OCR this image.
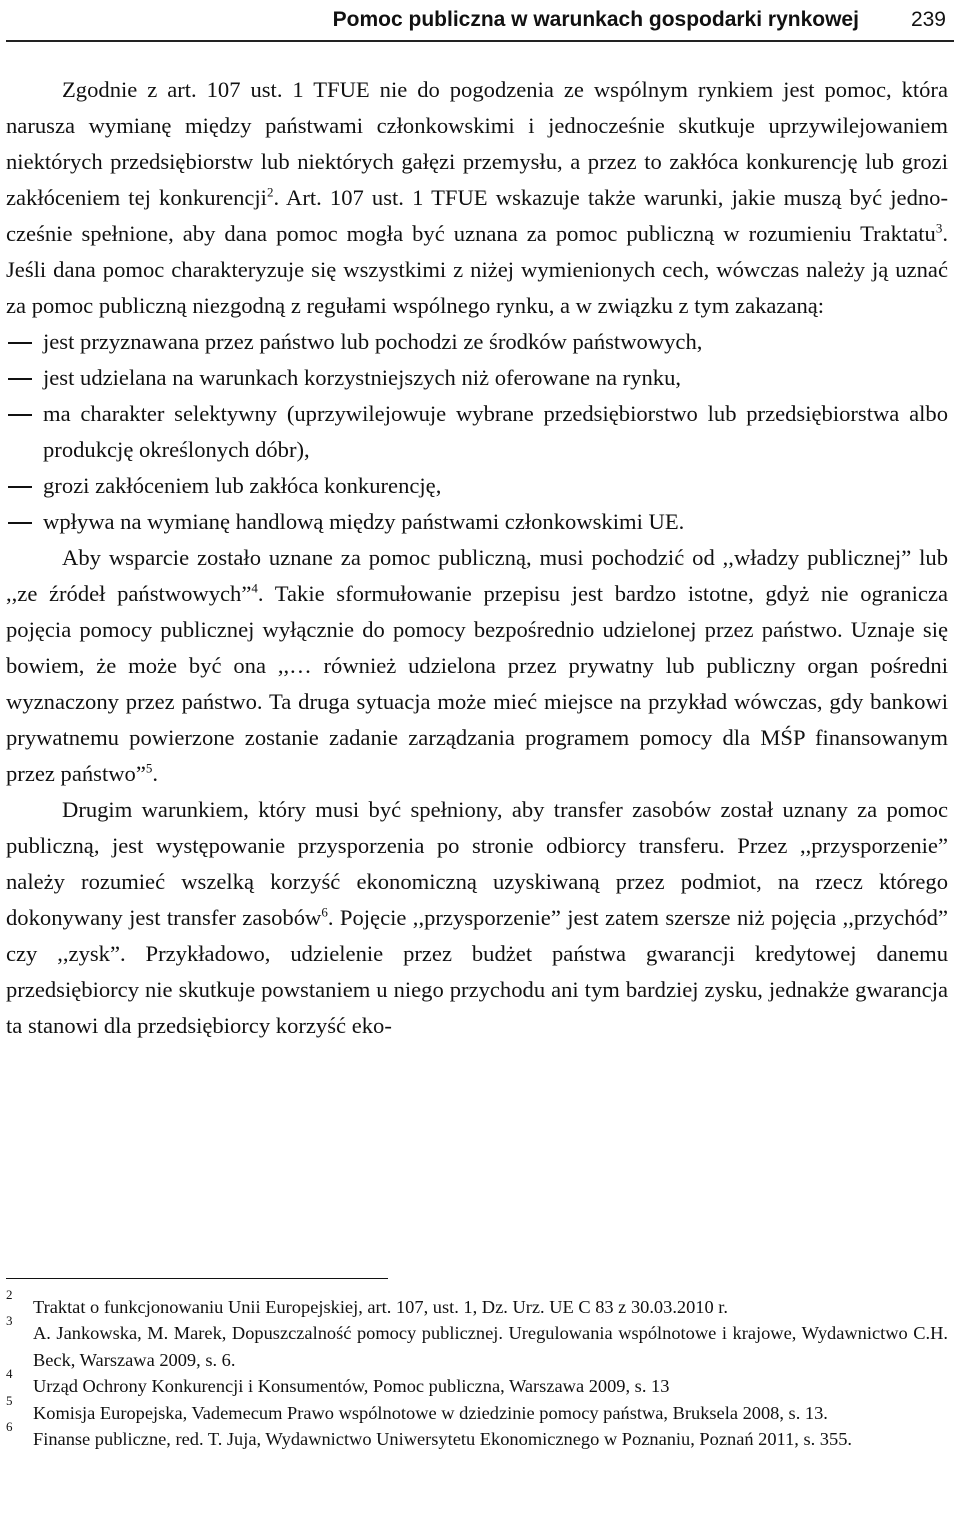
Pomoc publiczna w warunkach gospodarki rynkowej 239

Zgodnie z art. 107 ust. 1 TFUE nie do pogodzenia ze wspólnym rynkiem jest pomoc, która narusza wymianę między państwami członkowskimi i jednocześnie skutkuje uprzywilejowaniem niektórych przedsiębiorstw lub niektórych gałęzi przemysłu, a przez to zakłóca konkurencję lub grozi zakłóceniem tej konkurencji$^2$. Art. 107 ust. 1 TFUE wskazuje także warunki, jakie muszą być jednocześnie spełnione, aby dana pomoc mogła być uznana za pomoc publiczną w rozumieniu Traktatu$^3$. Jeśli dana pomoc charakteryzuje się wszystkimi z niżej wymienionych cech, wówczas należy ją uznać za pomoc publiczną niezgodną z regułami wspólnego rynku, a w związku z tym zakazaną:

jest przyznawana przez państwo lub pochodzi ze środków państwowych,
jest udzielana na warunkach korzystniejszych niż oferowane na rynku,
ma charakter selektywny (uprzywilejowuje wybrane przedsiębiorstwo lub przedsiębiorstwa albo produkcję określonych dóbr),
grozi zakłóceniem lub zakłóca konkurencję,
wpływa na wymianę handlową między państwami członkowskimi UE.

Aby wsparcie zostało uznane za pomoc publiczną, musi pochodzić od ,,władzy publicznej” lub ,,ze źródeł państwowych”$^4$. Takie sformułowanie przepisu jest bardzo istotne, gdyż nie ogranicza pojęcia pomocy publicznej wyłącznie do pomocy bezpośrednio udzielonej przez państwo. Uznaje się bowiem, że może być ona ,,… również udzielona przez prywatny lub publiczny organ pośredni wyznaczony przez państwo. Ta druga sytuacja może mieć miejsce na przykład wówczas, gdy bankowi prywatnemu powierzone zostanie zadanie zarządzania programem pomocy dla MŚP finansowanym przez państwo”$^5$.

Drugim warunkiem, który musi być spełniony, aby transfer zasobów został uznany za pomoc publiczną, jest występowanie przysporzenia po stronie odbiorcy transferu. Przez ,,przysporzenie” należy rozumieć wszelką korzyść ekonomiczną uzyskiwaną przez podmiot, na rzecz którego dokonywany jest transfer zasobów$^6$. Pojęcie ,,przysporzenie” jest zatem szersze niż pojęcia ,,przychód” czy ,,zysk”. Przykładowo, udzielenie przez budżet państwa gwarancji kredytowej danemu przedsiębiorcy nie skutkuje powstaniem u niego przychodu ani tym bardziej zysku, jednakże gwarancja ta stanowi dla przedsiębiorcy korzyść eko-

2
Traktat o funkcjonowaniu Unii Europejskiej, art. 107, ust. 1, Dz. Urz. UE C 83 z 30.03.2010 r.
3
A. Jankowska, M. Marek, Dopuszczalność pomocy publicznej. Uregulowania wspólnotowe i krajowe, Wydawnictwo C.H. Beck, Warszawa 2009, s. 6.
4
Urząd Ochrony Konkurencji i Konsumentów, Pomoc publiczna, Warszawa 2009, s. 13
5
Komisja Europejska, Vademecum Prawo wspólnotowe w dziedzinie pomocy państwa, Bruksela 2008, s. 13.
6
Finanse publiczne, red. T. Juja, Wydawnictwo Uniwersytetu Ekonomicznego w Poznaniu, Poznań 2011, s. 355.
